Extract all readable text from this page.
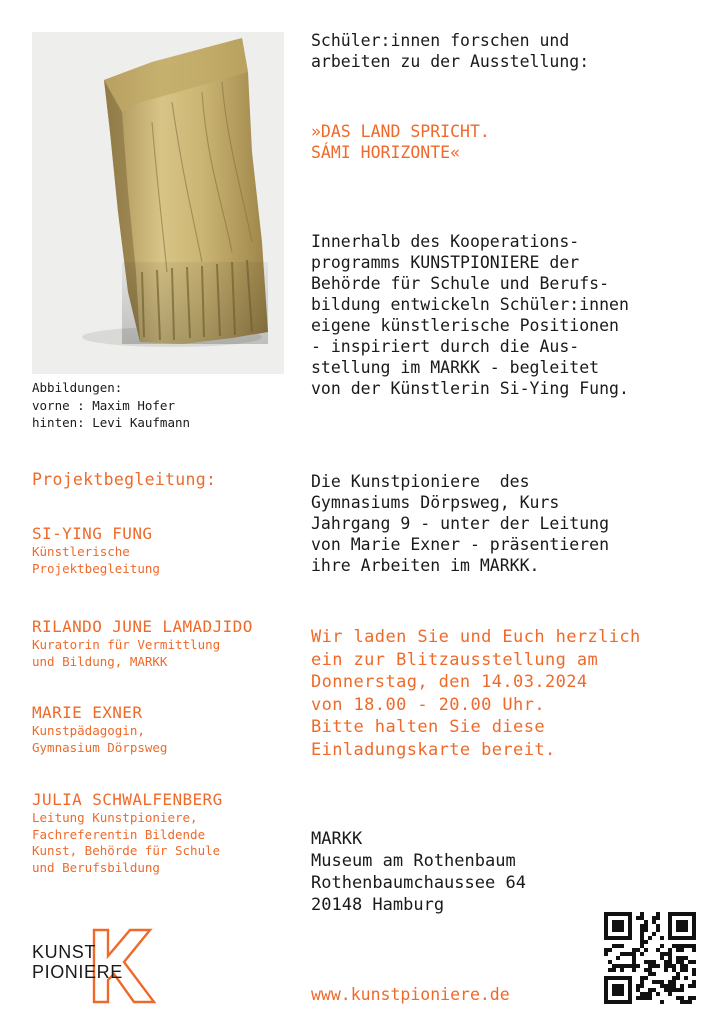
Abbildungen:
vorne : Maxim Hofer
hinten: Levi Kaufmann
Projektbegleitung:
SI-YING FUNG
Künstlerische
Projektbegleitung
RILANDO JUNE LAMADJIDO
Kuratorin für Vermittlung
und Bildung, MARKK
MARIE EXNER
Kunstpädagogin,
Gymnasium Dörpsweg
JULIA SCHWALFENBERG
Leitung Kunstpioniere,
Fachreferentin Bildende
Kunst, Behörde für Schule
und Berufsbildung
Schüler:innen forschen und
arbeiten zu der Ausstellung:
»DAS LAND SPRICHT.
SÁMI HORIZONTE«
Innerhalb des Kooperations-
programms KUNSTPIONIERE der
Behörde für Schule und Berufs-
bildung entwickeln Schüler:innen
eigene künstlerische Positionen
- inspiriert durch die Aus-
stellung im MARKK - begleitet
von der Künstlerin Si-Ying Fung.
Die Kunstpioniere  des
Gymnasiums Dörpsweg, Kurs
Jahrgang 9 - unter der Leitung
von Marie Exner - präsentieren
ihre Arbeiten im MARKK.
Wir laden Sie und Euch herzlich
ein zur Blitzausstellung am
Donnerstag, den 14.03.2024
von 18.00 - 20.00 Uhr.
Bitte halten Sie diese
Einladungskarte bereit.
MARKK
Museum am Rothenbaum
Rothenbaumchaussee 64
20148 Hamburg
www.kunstpioniere.de
KUNST
PIONIERE
